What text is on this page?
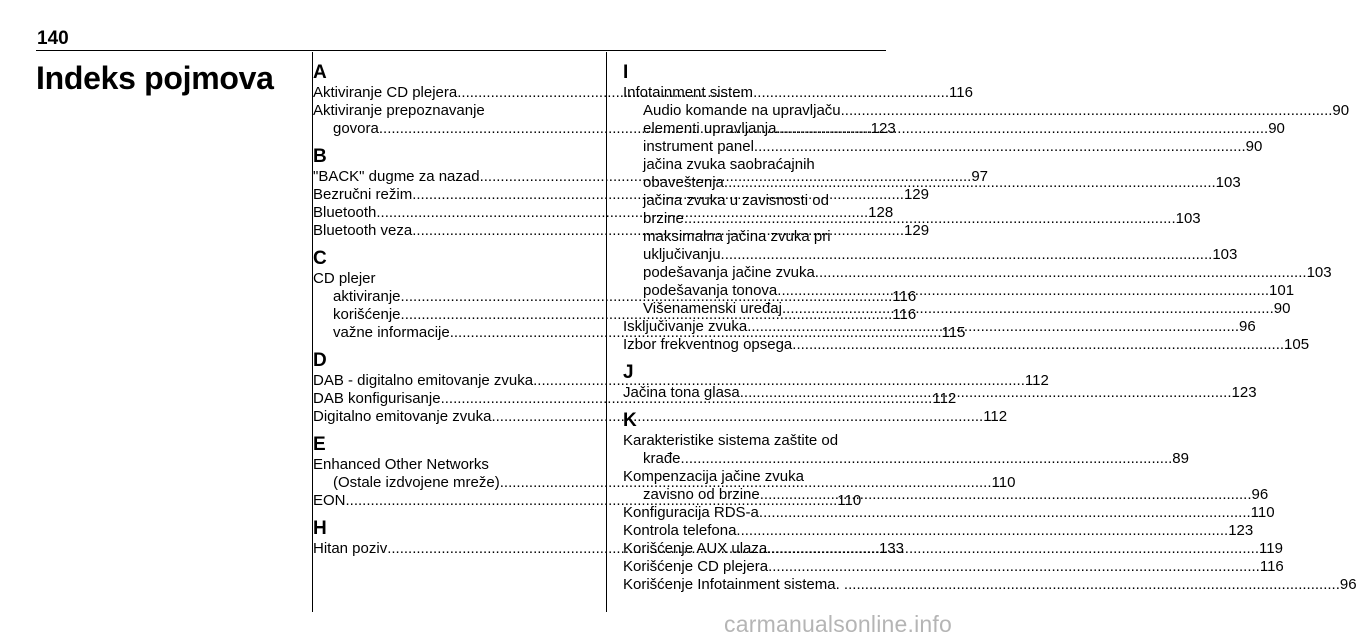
140
Indeks pojmova A
Aktiviranje CD plejera .....	116
Aktiviranje prepoznavanje
govora .....	123
B
"BACK" dugme za nazad .....	97
Bezručni režim .....	129
Bluetooth .....	128
Bluetooth veza .....	129
C
CD plejer
aktiviranje .....	116
korišćenje .....	116
važne informacije .....	115
D
DAB - digitalno emitovanje zvuka .....	112
DAB konfigurisanje .....	112
Digitalno emitovanje zvuka .....	112
E
Enhanced Other Networks
(Ostale izdvojene mreže) .....	110
EON .....	110
H
Hitan poziv .....	133
I
Infotainment sistem
Audio komande na upravljaču .....	90
elementi upravljanja .....	90
instrument panel .....	90
jačina zvuka saobraćajnih
obaveštenja .....	103
jačina zvuka u zavisnosti od
brzine .....	103
maksimalna jačina zvuka pri
uključivanju .....	103
podešavanja jačine zvuka .....	103
podešavanja tonova .....	101
Višenamenski uređaj .....	90
Isključivanje zvuka .....	96
Izbor frekventnog opsega .....	105
J
Jačina tona glasa .....	123
K
Karakteristike sistema zaštite od
krađe .....	89
Kompenzacija jačine zvuka
zavisno od brzine .....	96
Konfiguracija RDS-a .....	110
Kontrola telefona .....	123
Korišćenje AUX ulaza .....	119
Korišćenje CD plejera .....	116
Korišćenje Infotainment sistema. . .....	96
carmanualsonline.info
